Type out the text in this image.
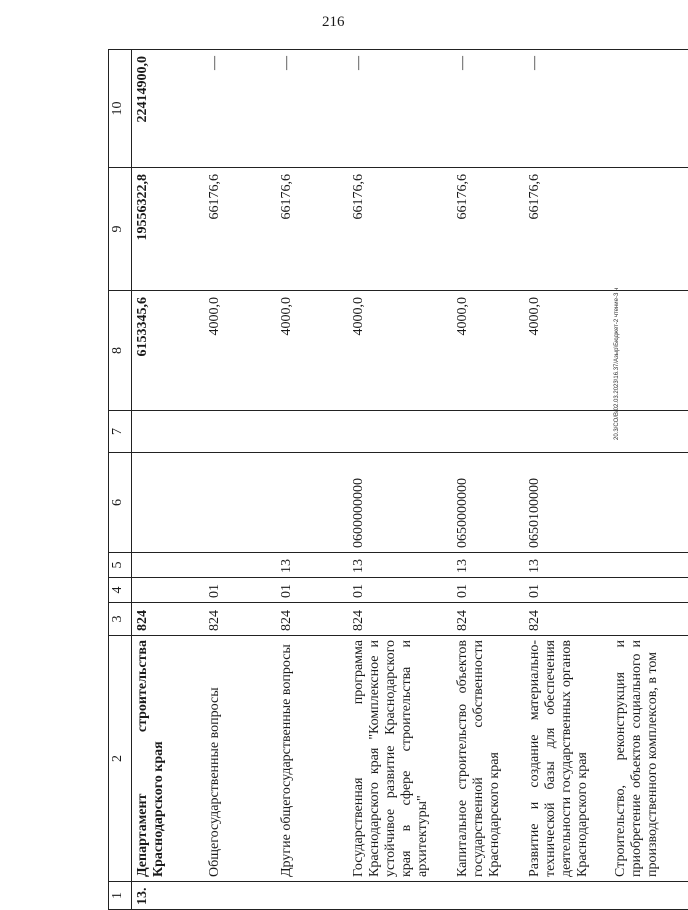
216
20.3/CO/B/02.03.2023\16.37/Азыр\Бюджет-2 чтение-3 ч
1	2	3	4	5	6	7	8	9	10
13.	Департамент строительства Краснодарского края	824					6153345,6	19556322,8	22414900,0
	Общегосударственные вопросы	824	01				4000,0	66176,6	—
	Другие общегосударственные вопросы	824	01	13			4000,0	66176,6	—
	Государственная программа Краснодарского края "Комплексное и устойчивое развитие Краснодарского края в сфере строительства и архитектуры"	824	01	13	0600000000		4000,0	66176,6	—
	Капитальное строительство объектов государственной собственности Краснодарского края	824	01	13	0650000000		4000,0	66176,6	—
	Развитие и создание материально-технической базы для обеспечения деятельности государственных органов Краснодарского края	824	01	13	0650100000		4000,0	66176,6	—
	Строительство, реконструкция и приобретение объектов социального и производственного комплексов, в том								
